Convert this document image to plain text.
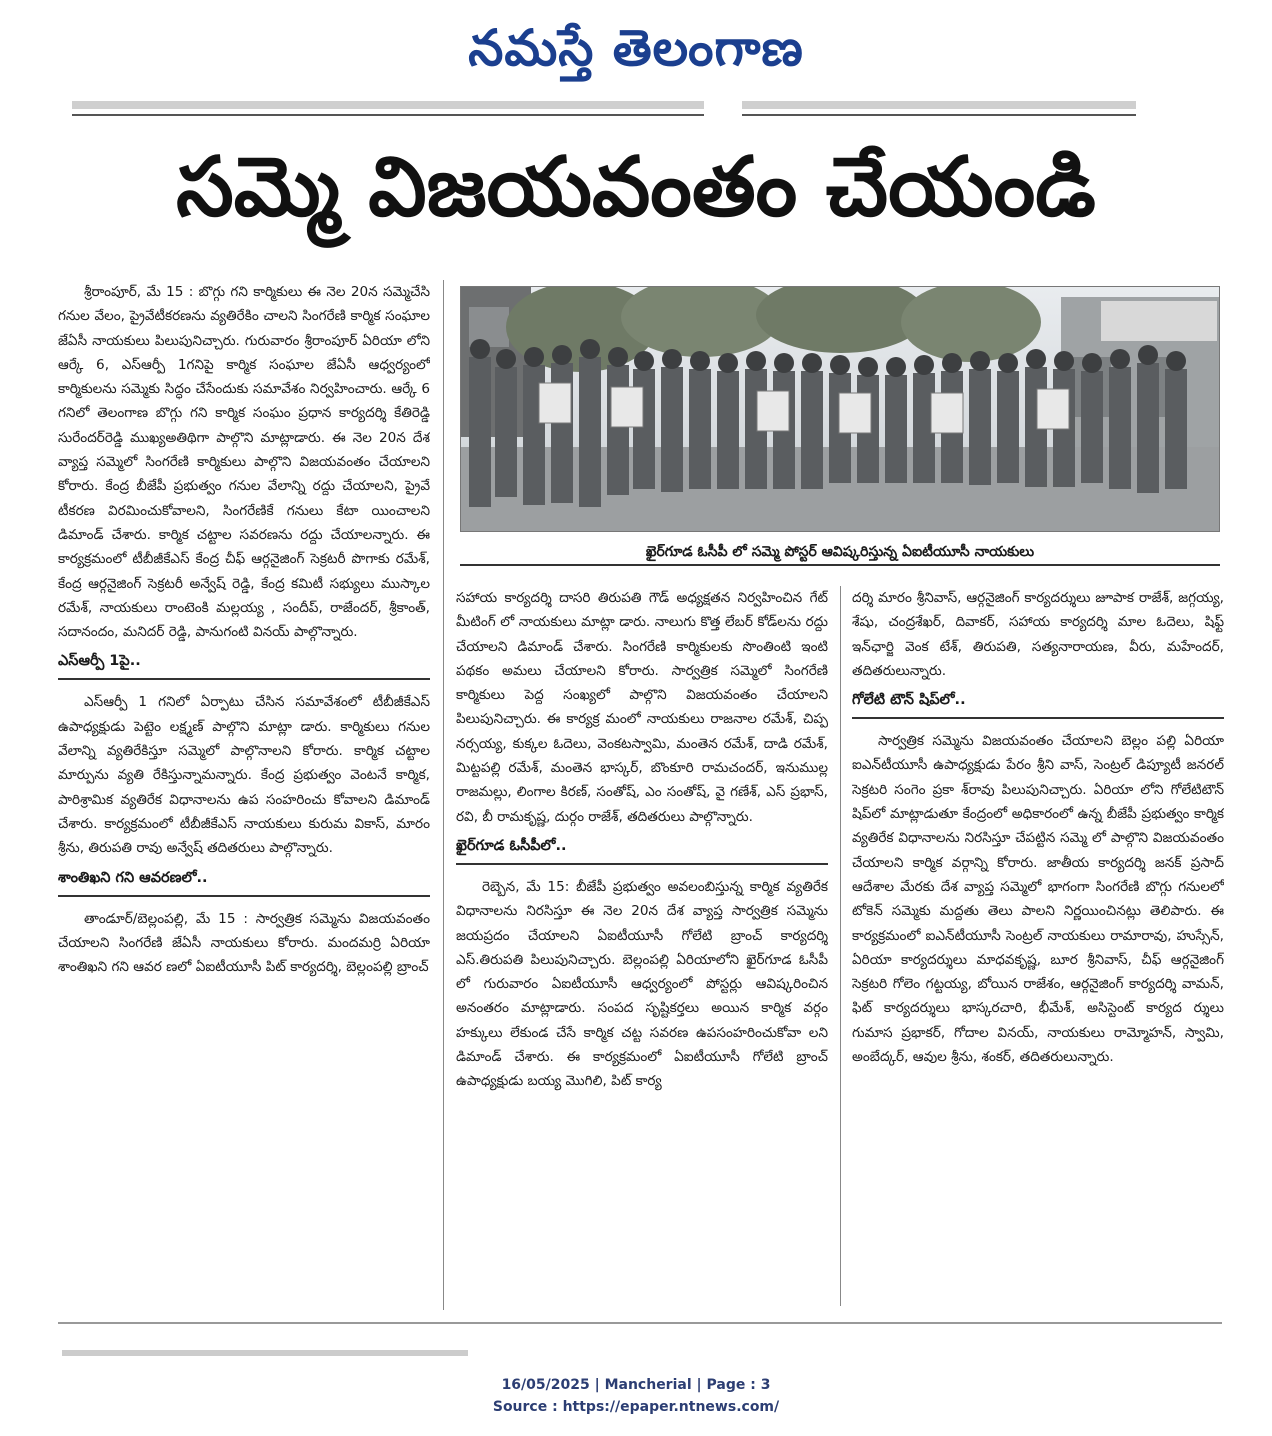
నమస్తే తెలంగాణ
సమ్మె విజయవంతం చేయండి

శ్రీరాంపూర్, మే 15 : బొగ్గు గని కార్మికులు ఈ నెల 20న సమ్మెచేసి గనుల వేలం, ప్రైవేటీకరణను వ్యతిరేకిం చాలని సింగరేణి కార్మిక సంఘాల జేఏసీ నాయకులు పిలుపునిచ్చారు. గురువారం శ్రీరాంపూర్ ఏరియా లోని ఆర్కే 6, ఎస్ఆర్పీ 1గనిపై కార్మిక సంఘాల జేఏసీ ఆధ్వర్యంలో కార్మికులను సమ్మెకు సిద్ధం చేసేందుకు సమావేశం నిర్వహించారు. ఆర్కే 6 గనిలో తెలంగాణ బొగ్గు గని కార్మిక సంఘం ప్రధాన కార్యదర్శి కేతిరెడ్డి సురేందర్‌రెడ్డి ముఖ్యఅతిథిగా పాల్గొని మాట్లాడారు. ఈ నెల 20న దేశ వ్యాప్త సమ్మెలో సింగరేణి కార్మికులు పాల్గొని విజయవంతం చేయాలని కోరారు. కేంద్ర బీజేపీ ప్రభుత్వం గనుల వేలాన్ని రద్దు చేయాలని, ప్రైవే టీకరణ విరమించుకోవాలని, సింగరేణికే గనులు కేటా యించాలని డిమాండ్ చేశారు. కార్మిక చట్టాల సవరణను రద్దు చేయాలన్నారు. ఈ కార్యక్రమంలో టీబీజీకేఎస్ కేంద్ర చీఫ్ ఆర్గనైజింగ్ సెక్రటరీ పొగాకు రమేశ్, కేంద్ర ఆర్గనైజింగ్ సెక్రటరీ అన్వేష్ రెడ్డి, కేంద్ర కమిటీ సభ్యులు ముస్కాల రమేశ్, నాయకులు రాంటెంకి మల్లయ్య , సందీప్, రాజేందర్, శ్రీకాంత్, సదానందం, మనిదర్ రెడ్డి, పానుగంటి వినయ్ పాల్గొన్నారు.

ఎస్ఆర్పీ 1పై..

ఎస్ఆర్పీ 1 గనిలో ఏర్పాటు చేసిన సమావేశంలో టీబీజీకేఎస్ ఉపాధ్యక్షుడు పెట్టెం లక్ష్మణ్ పాల్గొని మాట్లా డారు. కార్మికులు గనుల వేలాన్ని వ్యతిరేకిస్తూ సమ్మెలో పాల్గొనాలని కోరారు. కార్మిక చట్టాల మార్పును వ్యతి రేకిస్తున్నామన్నారు. కేంద్ర ప్రభుత్వం వెంటనే కార్మిక, పారిశ్రామిక వ్యతిరేక విధానాలను ఉప సంహరించు కోవాలని డిమాండ్ చేశారు. కార్యక్రమంలో టీబీజీకేఎస్ నాయకులు కురుమ వికాస్, మారం శ్రీను, తిరుపతి రావు అన్వేష్ తదితరులు పాల్గొన్నారు.

శాంతిఖని గని ఆవరణలో..

తాండూర్/బెల్లంపల్లి, మే 15 : సార్వత్రిక సమ్మెను విజయవంతం చేయాలని సింగరేణి జేఏసీ నాయకులు కోరారు. మందమర్రి ఏరియా శాంతిఖని గని ఆవర ణలో ఏఐటీయూసీ పిట్ కార్యదర్శి, బెల్లంపల్లి బ్రాంచ్

ఖైర్‌గూడ ఓసీపీ లో సమ్మె పోస్టర్ ఆవిష్కరిస్తున్న ఏఐటీయూసీ నాయకులు

సహాయ కార్యదర్శి దాసరి తిరుపతి గౌడ్ అధ్యక్షతన నిర్వహించిన గేట్ మీటింగ్ లో నాయకులు మాట్లా డారు. నాలుగు కొత్త లేబర్ కోడ్‌లను రద్దు చేయాలని డిమాండ్ చేశారు. సింగరేణి కార్మికులకు సొంతింటి ఇంటి పథకం అమలు చేయాలని కోరారు. సార్వత్రిక సమ్మెలో సింగరేణి కార్మికులు పెద్ద సంఖ్యలో పాల్గొని విజయవంతం చేయాలని పిలుపునిచ్చారు. ఈ కార్యక్ర మంలో నాయకులు రాజనాల రమేశ్, చిప్ప నర్సయ్య, కుక్కల ఓదెలు, వెంకటస్వామి, మంతెన రమేశ్, దాడి రమేశ్, మిట్టపల్లి రమేశ్, మంతెన భాస్కర్, బొంకూరి రామచందర్, ఇనుముల్ల రాజమల్లు, లింగాల కిరణ్, సంతోష్, ఎం సంతోష్, వై గణేశ్, ఎస్ ప్రభాస్, రవి, బీ రామకృష్ణ, దుర్గం రాజేశ్, తదితరులు పాల్గొన్నారు.

ఖైర్‌గూడ ఓసీపీలో..

రెబ్బెన, మే 15: బీజేపీ ప్రభుత్వం అవలంబిస్తున్న కార్మిక వ్యతిరేక విధానాలను నిరసిస్తూ ఈ నెల 20న దేశ వ్యాప్త సార్వత్రిక సమ్మెను జయప్రదం చేయాలని ఏఐటీయూసీ గోలేటి బ్రాంచ్ కార్యదర్శి ఎస్.తిరుపతి పిలుపునిచ్చారు. బెల్లంపల్లి ఏరియాలోని ఖైర్‌గూడ ఓసీపీ లో గురువారం ఏఐటీయూసీ ఆధ్వర్యంలో పోస్టర్లు ఆవిష్కరించిన అనంతరం మాట్లాడారు. సంపద సృష్టికర్తలు అయిన కార్మిక వర్గం హక్కులు లేకుండ చేసే కార్మిక చట్ట సవరణ ఉపసంహరించుకోవా లని డిమాండ్ చేశారు. ఈ కార్యక్రమంలో ఏఐటీయూసీ గోలేటి బ్రాంచ్ ఉపాధ్యక్షుడు బయ్య మొగిలి, పిట్ కార్య

దర్శి మారం శ్రీనివాస్, ఆర్గనైజింగ్ కార్యదర్శులు జూపాక రాజేశ్, జగ్గయ్య, శేషు, చంద్రశేఖర్, దివాకర్, సహాయ కార్యదర్శి మాల ఓదెలు, షిఫ్ట్ ఇన్‌ఛార్జి వెంక టేశ్, తిరుపతి, సత్యనారాయణ, వీరు, మహేందర్, తదితరులున్నారు.

గోలేటి టౌన్ షిప్‌లో..

సార్వత్రిక సమ్మెను విజయవంతం చేయాలని బెల్లం పల్లి ఏరియా ఐఎన్‌టీయూసీ ఉపాధ్యక్షుడు పేరం శ్రీని వాస్, సెంట్రల్ డిప్యూటీ జనరల్ సెక్రటరి సంగెం ప్రకా శ్‌రావు పిలుపునిచ్చారు. ఏరియా లోని గోలేటిటౌన్ షిప్‌లో మాట్లాడుతూ కేంద్రంలో అధికారంలో ఉన్న బీజేపీ ప్రభుత్వం కార్మిక వ్యతిరేక విధానాలను నిరసిస్తూ చేపట్టిన సమ్మె లో పాల్గొని విజయవంతం చేయాలని కార్మిక వర్గాన్ని కోరారు. జాతీయ కార్యదర్శి జనక్ ప్రసాద్ ఆదేశాల మేరకు దేశ వ్యాప్త సమ్మెలో భాగంగా సింగరేణి బొగ్గు గనులలో టోకెన్ సమ్మెకు మద్దతు తెలు పాలని నిర్ణయించినట్లు తెలిపారు. ఈ కార్యక్రమంలో ఐఎన్‌టీయూసీ సెంట్రల్ నాయకులు రామారావు, హుస్సేన్, ఏరియా కార్యదర్శులు మాధవకృష్ణ, బూర శ్రీనివాస్, చీఫ్ ఆర్గనైజింగ్ సెక్రటరి గోలెం గట్టయ్య, బోయిన రాజేశం, ఆర్గనైజింగ్ కార్యదర్శి వామన్, ఫిట్ కార్యదర్శులు భాస్కరచారి, భీమేశ్, అసిస్టెంట్ కార్యద ర్శులు గుమాస ప్రభాకర్, గోదాల వినయ్, నాయకులు రామ్మోహన్, స్వామి, అంబేద్కర్, ఆవుల శ్రీను, శంకర్, తదితరులున్నారు.

16/05/2025 | Mancherial | Page : 3
Source : https://epaper.ntnews.com/
